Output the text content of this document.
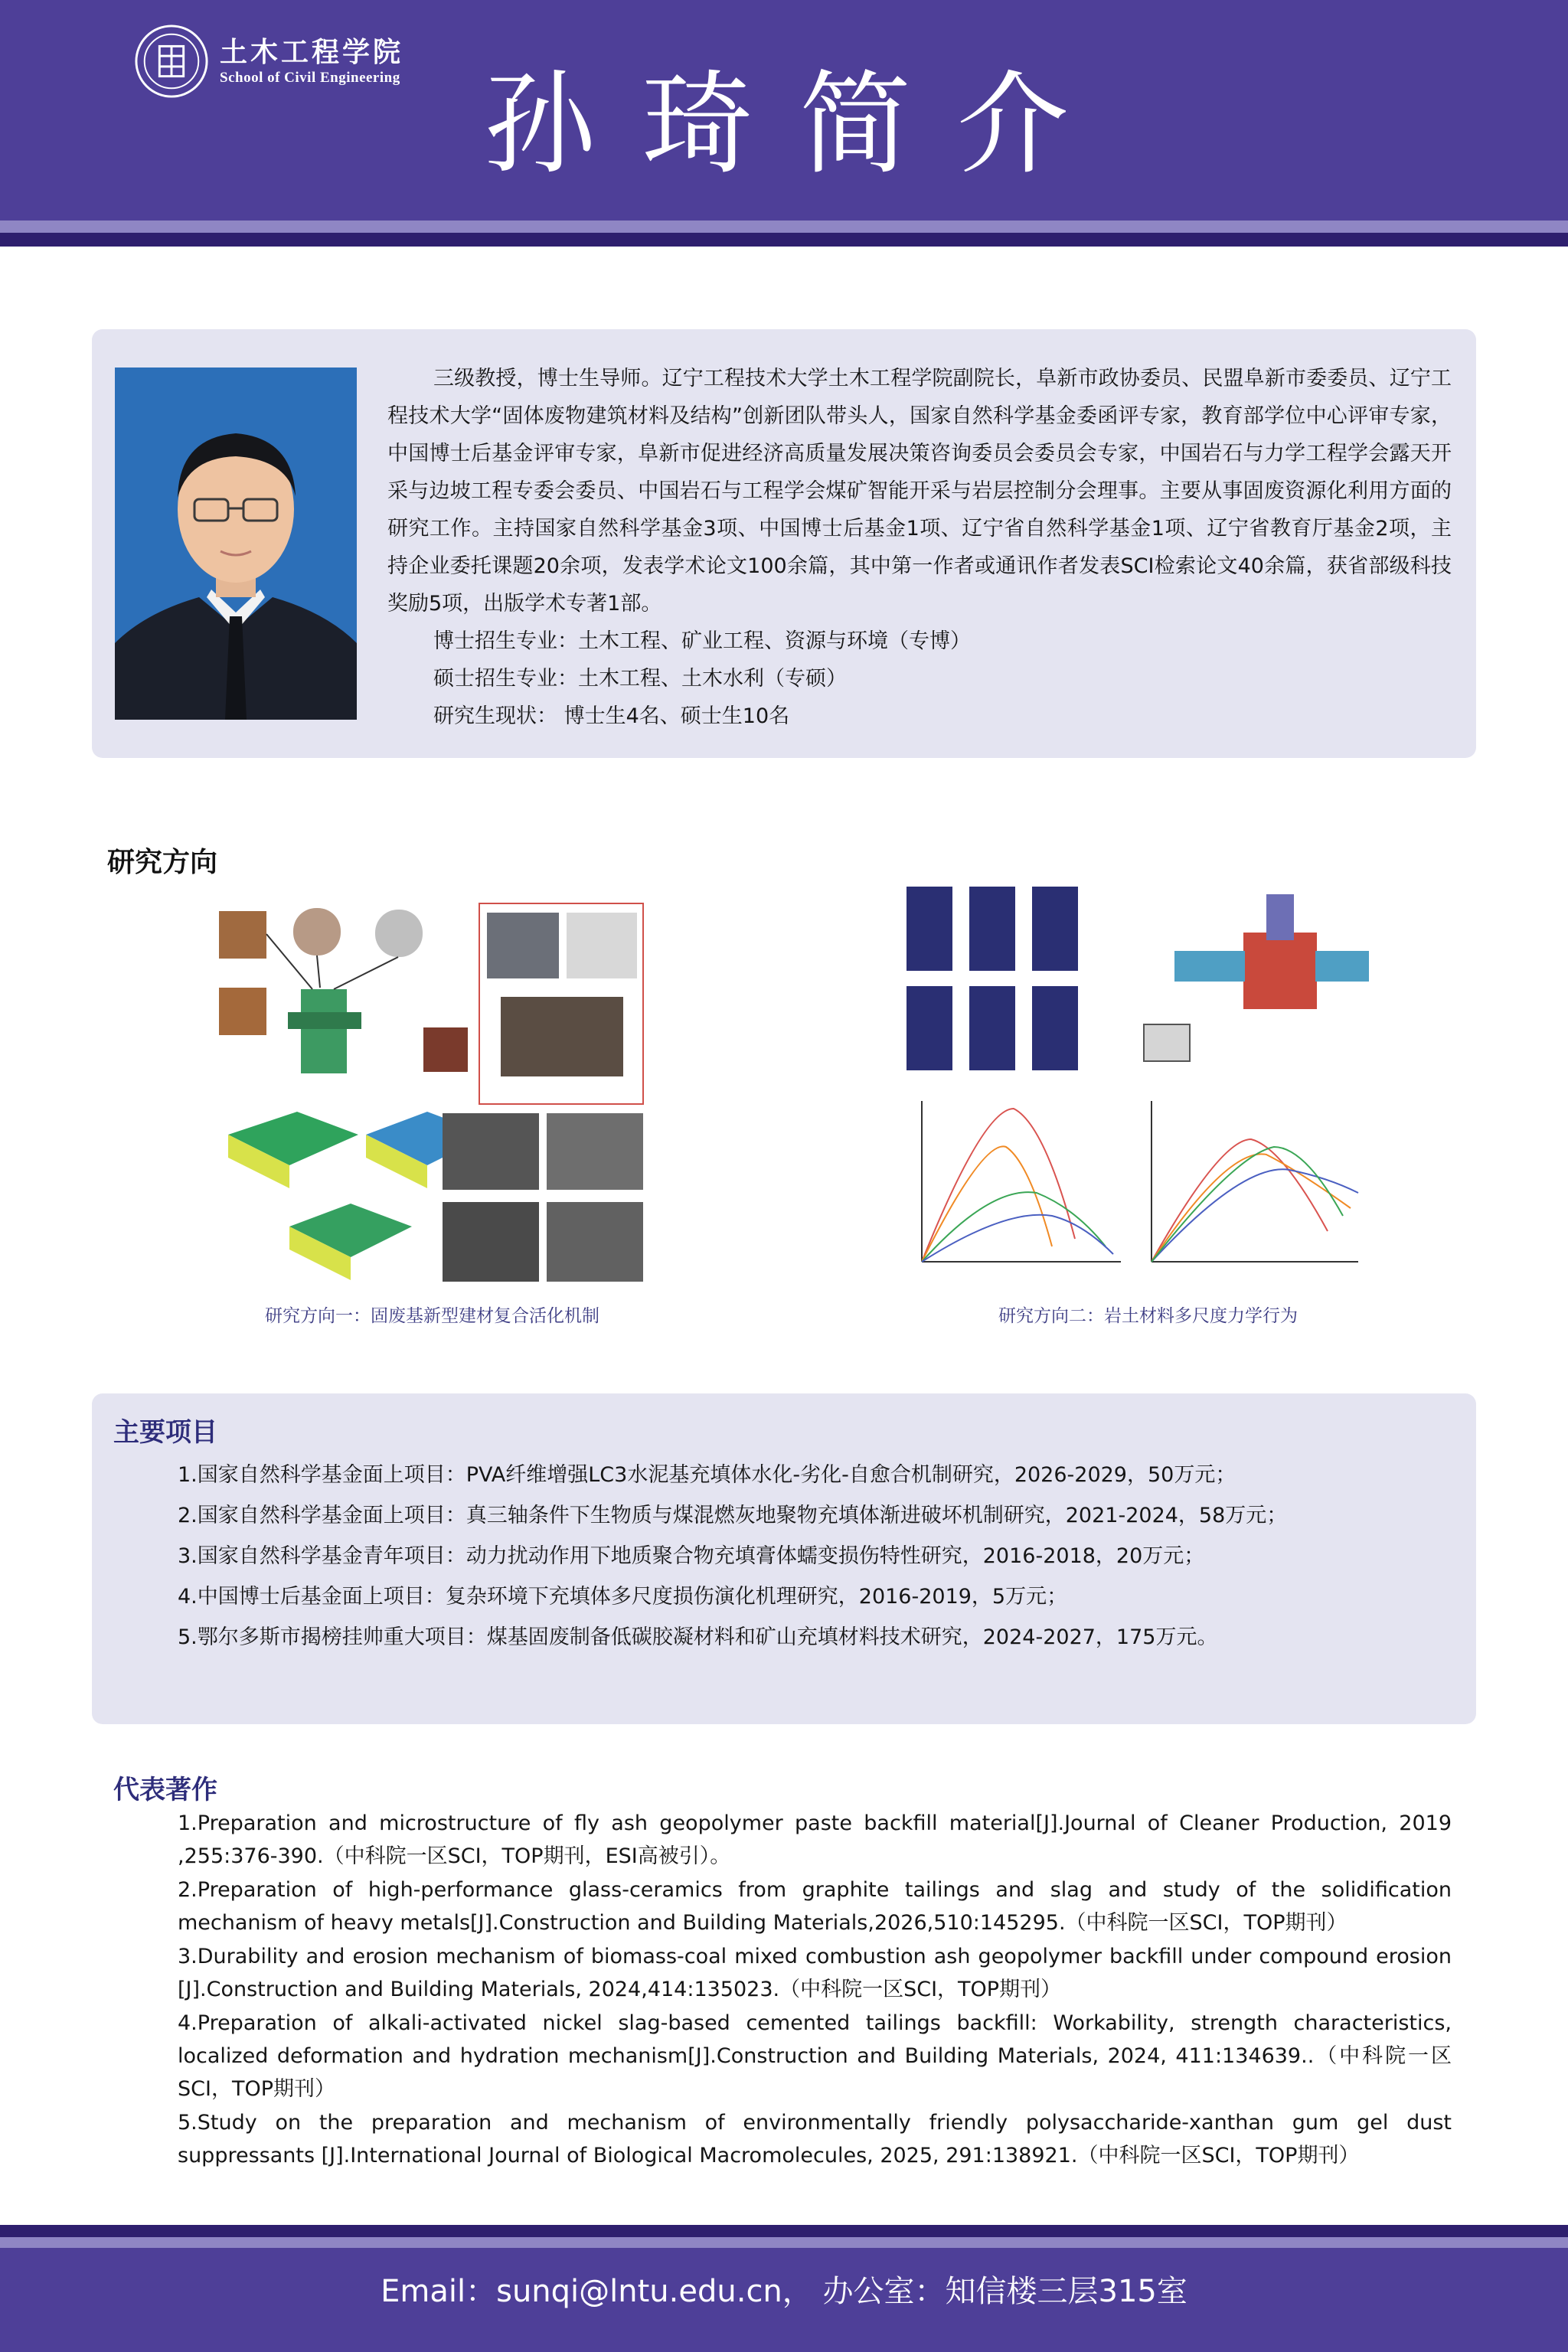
土木工程学院
School of Civil Engineering 孙琦简介

三级教授，博士生导师。辽宁工程技术大学土木工程学院副院长，阜新市政协委员、民盟阜新市委委员、辽宁工程技术大学“固体废物建筑材料及结构”创新团队带头人，国家自然科学基金委函评专家，教育部学位中心评审专家，中国博士后基金评审专家，阜新市促进经济高质量发展决策咨询委员会委员会专家，中国岩石与力学工程学会露天开采与边坡工程专委会委员、中国岩石与工程学会煤矿智能开采与岩层控制分会理事。主要从事固废资源化利用方面的研究工作。主持国家自然科学基金3项、中国博士后基金1项、辽宁省自然科学基金1项、辽宁省教育厅基金2项，主持企业委托课题20余项，发表学术论文100余篇，其中第一作者或通讯作者发表SCI检索论文40余篇，获省部级科技奖励5项，出版学术专著1部。

博士招生专业：土木工程、矿业工程、资源与环境（专博）

硕士招生专业：土木工程、土木水利（专硕）

研究生现状： 博士生4名、硕士生10名

研究方向
研究方向一：固废基新型建材复合活化机制	研究方向二：岩土材料多尺度力学行为
主要项目
1.国家自然科学基金面上项目：PVA纤维增强LC3水泥基充填体水化-劣化-自愈合机制研究，2026-2029，50万元；
2.国家自然科学基金面上项目：真三轴条件下生物质与煤混燃灰地聚物充填体渐进破坏机制研究，2021-2024，58万元；
3.国家自然科学基金青年项目：动力扰动作用下地质聚合物充填膏体蠕变损伤特性研究，2016-2018，20万元；
4.中国博士后基金面上项目：复杂环境下充填体多尺度损伤演化机理研究，2016-2019，5万元；
5.鄂尔多斯市揭榜挂帅重大项目：煤基固废制备低碳胶凝材料和矿山充填材料技术研究，2024-2027，175万元。
代表著作
1.Preparation and microstructure of fly ash geopolymer paste backfill material[J].Journal of Cleaner Production, 2019 ,255:376-390.（中科院一区SCI，TOP期刊，ESI高被引）。
2.Preparation of high-performance glass-ceramics from graphite tailings and slag and study of the solidification mechanism of heavy metals[J].Construction and Building Materials,2026,510:145295.（中科院一区SCI，TOP期刊）
3.Durability and erosion mechanism of biomass-coal mixed combustion ash geopolymer backfill under compound erosion [J].Construction and Building Materials, 2024,414:135023.（中科院一区SCI，TOP期刊）
4.Preparation of alkali-activated nickel slag-based cemented tailings backfill: Workability, strength characteristics, localized deformation and hydration mechanism[J].Construction and Building Materials, 2024, 411:134639..（中科院一区SCI，TOP期刊）
5.Study on the preparation and mechanism of environmentally friendly polysaccharide-xanthan gum gel dust suppressants [J].International Journal of Biological Macromolecules, 2025, 291:138921.（中科院一区SCI，TOP期刊）
Email：sunqi@lntu.edu.cn， 办公室：知信楼三层315室
